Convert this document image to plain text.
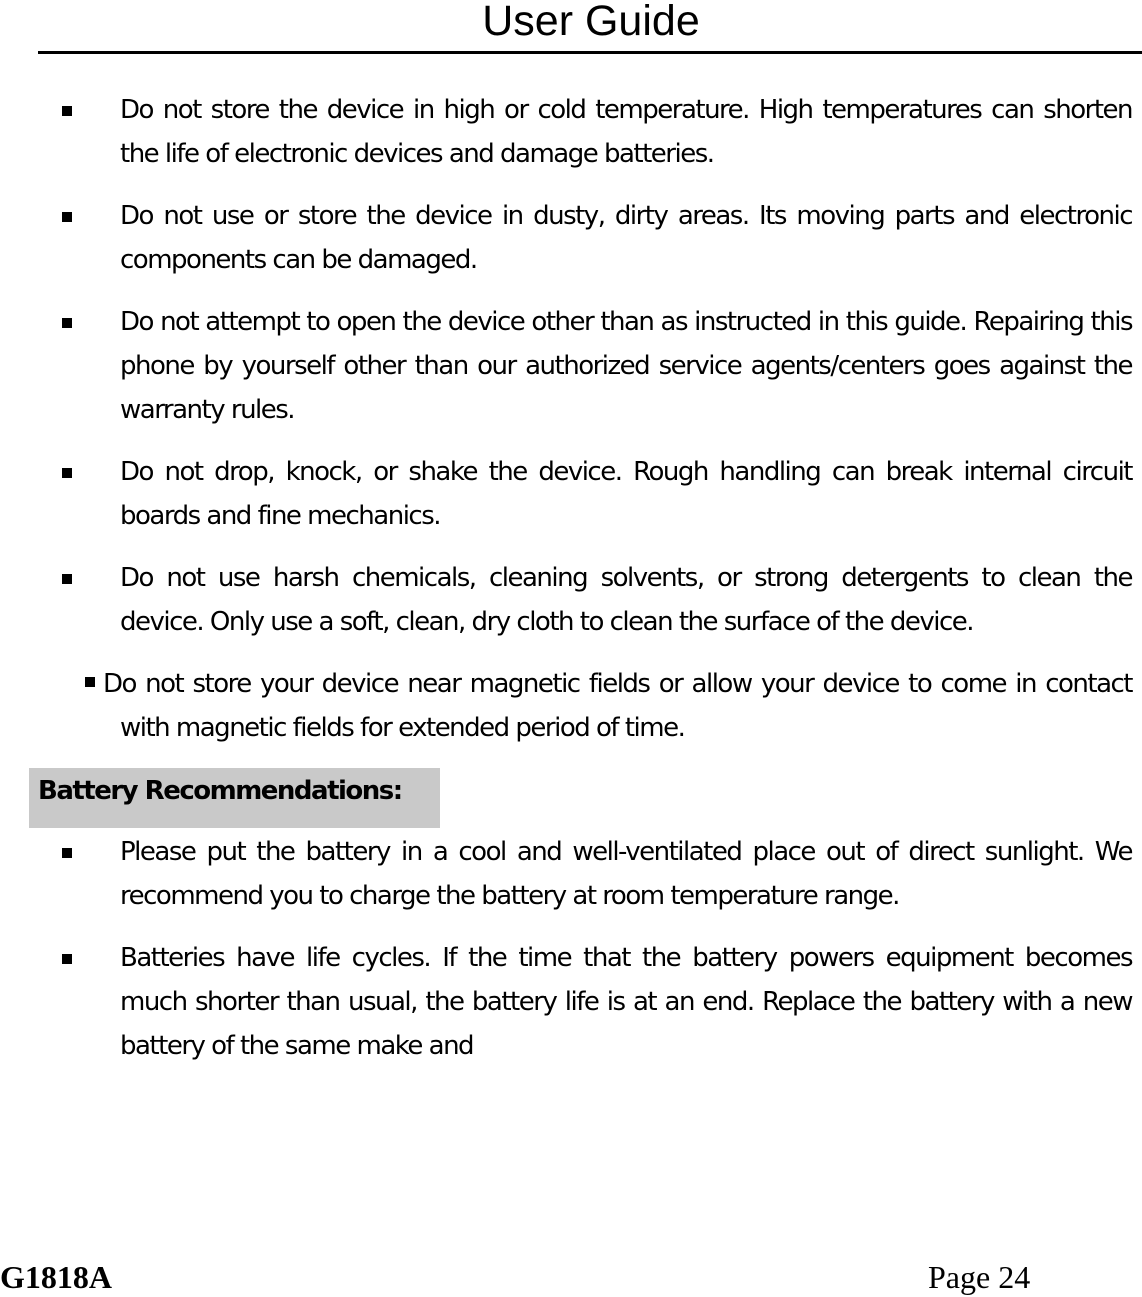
User Guide
Do not store the device in high or cold temperature. High temperatures can shorten the life of electronic devices and damage batteries.
Do not use or store the device in dusty, dirty areas. Its moving parts and electronic components can be damaged.
Do not attempt to open the device other than as instructed in this guide. Repairing this phone by yourself other than our authorized service agents/centers goes against the warranty rules.
Do not drop, knock, or shake the device. Rough handling can break internal circuit boards and fine mechanics.
Do not use harsh chemicals, cleaning solvents, or strong detergents to clean the device. Only use a soft, clean, dry cloth to clean the surface of the device.
Do not store your device near magnetic fields or allow your device to come in contact with magnetic fields for extended period of time.
Battery Recommendations:
Please put the battery in a cool and well-ventilated place out of direct sunlight. We recommend you to charge the battery at room temperature range.
Batteries have life cycles. If the time that the battery powers equipment becomes much shorter than usual, the battery life is at an end. Replace the battery with a new battery of the same make and
G1818A	Page 24
